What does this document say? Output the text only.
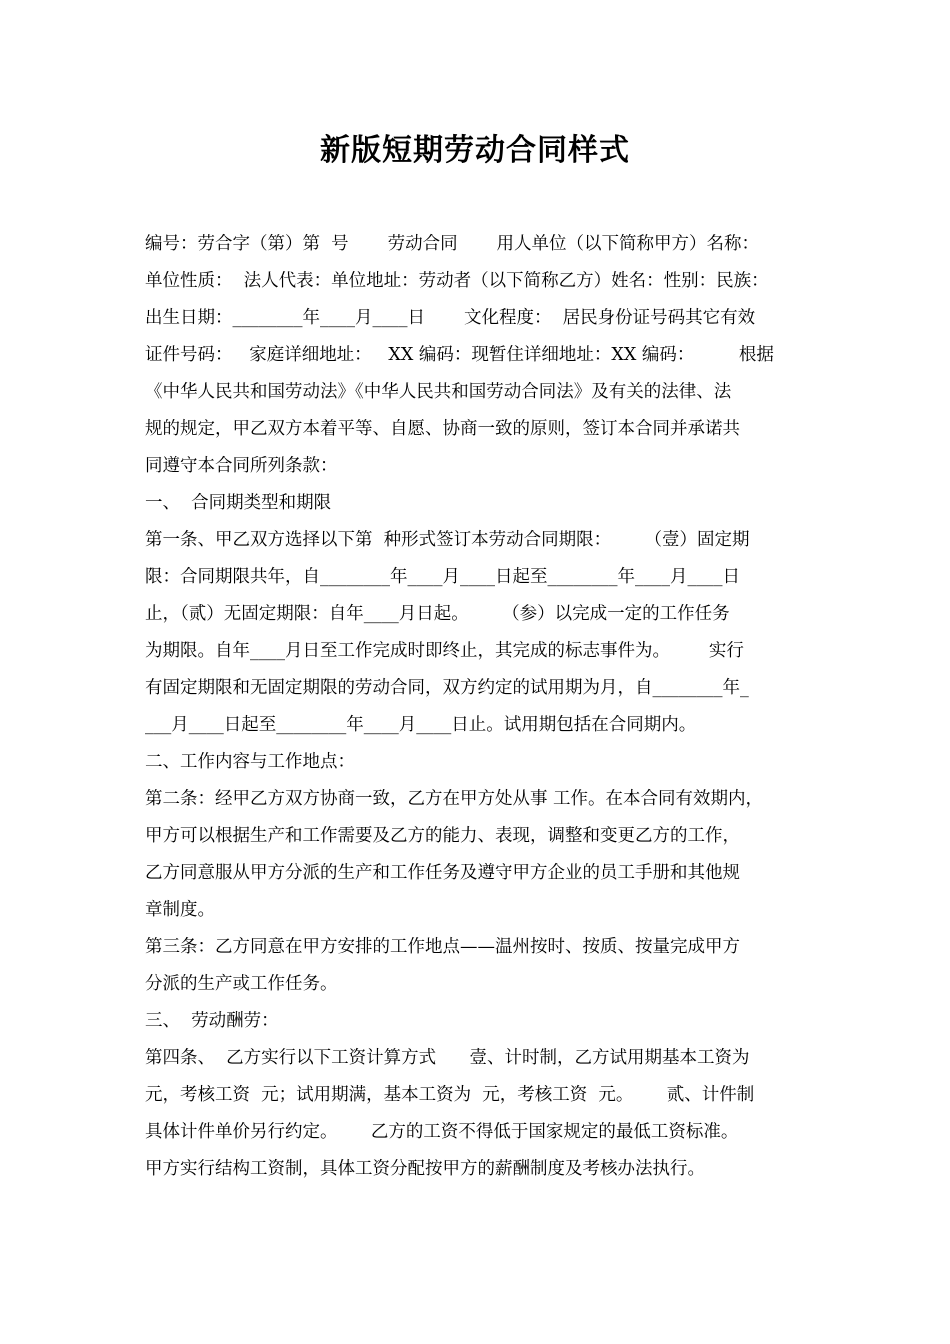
新版短期劳动合同样式
编号：劳合字（第）第  号       劳动合同       用人单位（以下简称甲方）名称：
单位性质：  法人代表：单位地址：劳动者（以下简称乙方）姓名：性别：民族：
出生日期：________年____月____日       文化程度：  居民身份证号码其它有效
证件号码：   家庭详细地址：   XX 编码：现暂住详细地址：XX 编码：        根据
《中华人民共和国劳动法》《中华人民共和国劳动合同法》及有关的法律、法
规的规定，甲乙双方本着平等、自愿、协商一致的原则，签订本合同并承诺共
同遵守本合同所列条款：
一、  合同期类型和期限
第一条、甲乙双方选择以下第  种形式签订本劳动合同期限：      （壹）固定期
限：合同期限共年，自________年____月____日起至________年____月____日
止，（贰）无固定期限：自年____月日起。      （参）以完成一定的工作任务
为期限。自年____月日至工作完成时即终止，其完成的标志事件为。       实行
有固定期限和无固定期限的劳动合同，双方约定的试用期为月，自________年_
___月____日起至________年____月____日止。试用期包括在合同期内。
二、工作内容与工作地点：
第二条：经甲乙方双方协商一致，乙方在甲方处从事 工作。在本合同有效期内，
甲方可以根据生产和工作需要及乙方的能力、表现，调整和变更乙方的工作，
乙方同意服从甲方分派的生产和工作任务及遵守甲方企业的员工手册和其他规
章制度。
第三条：乙方同意在甲方安排的工作地点——温州按时、按质、按量完成甲方
分派的生产或工作任务。
三、  劳动酬劳：
第四条、  乙方实行以下工资计算方式      壹、计时制，乙方试用期基本工资为
元，考核工资  元；试用期满，基本工资为  元，考核工资  元。      贰、计件制
具体计件单价另行约定。      乙方的工资不得低于国家规定的最低工资标准。
甲方实行结构工资制，具体工资分配按甲方的薪酬制度及考核办法执行。
